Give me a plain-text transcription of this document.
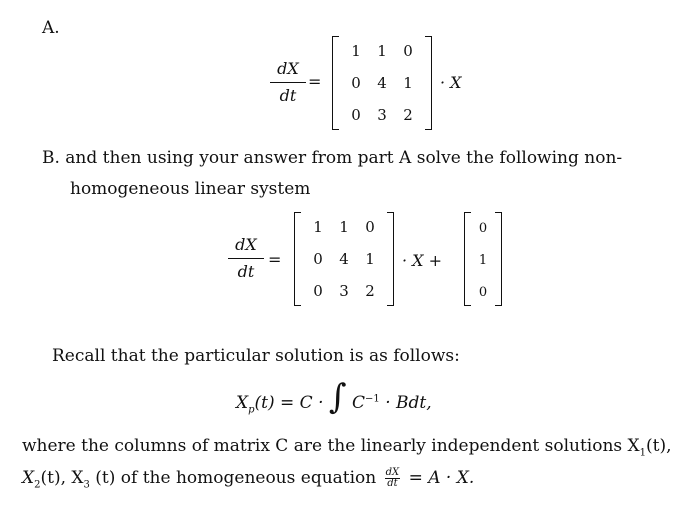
A.
dX
dt
=
1	1	0
0	4	1
0	3	2
· X
B. and then using your answer from part A solve the following non-
homogeneous linear system
dX
dt
=
1	1	0
0	4	1
0	3	2
· X +
0
1
0
Recall that the particular solution is as follows:
$X_p(t) = C$ · ∫ $C^{-1}$ · Bdt,
where the columns of matrix C are the linearly independent solutions $X_1(t)$,
$X_2(t)$, $X_3$ (t) of the homogeneous equation $\frac{dX}{dt} = A \cdot X$.
